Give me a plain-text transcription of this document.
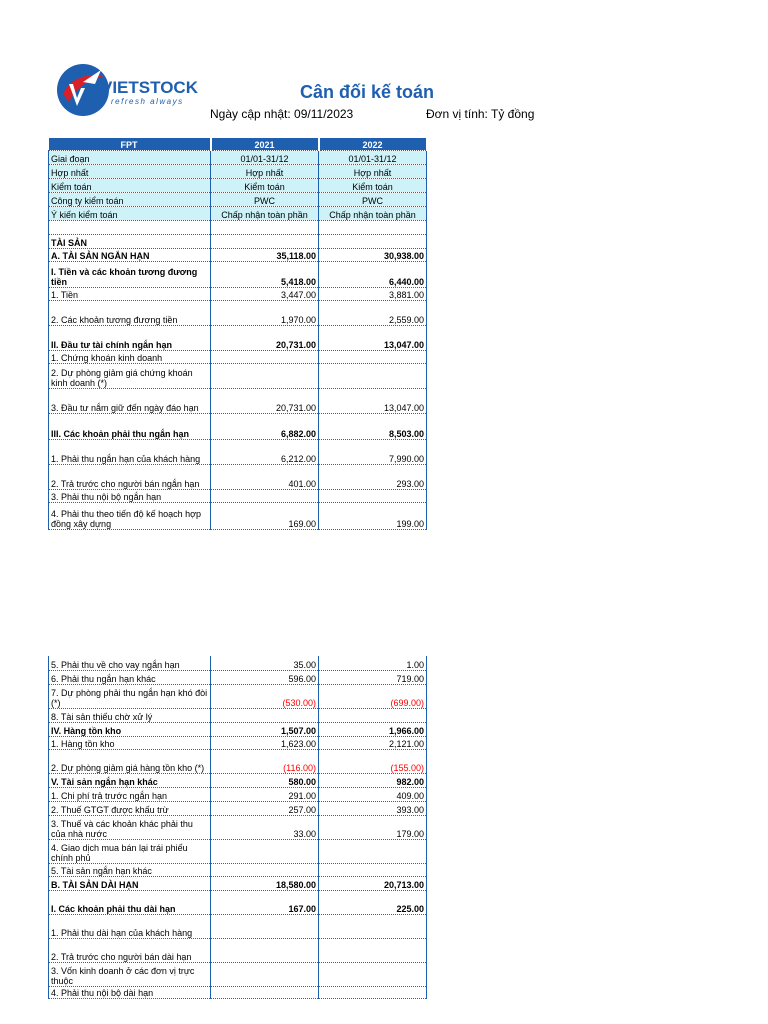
VIETSTOCK
refresh always	Cân đối kế toán
Ngày cập nhật: 09/11/2023	Đơn vị tính: Tỷ đồng
FPT	2021	2022
Giai đoạn	01/01-31/12	01/01-31/12
Hợp nhất	Hợp nhất	Hợp nhất
Kiểm toán	Kiểm toán	Kiểm toán
Công ty kiểm toán	PWC	PWC
Ý kiến kiểm toán	Chấp nhận toàn phần	Chấp nhận toàn phần

TÀI SẢN		
A. TÀI SẢN NGẮN HẠN	35,118.00	30,938.00
I. Tiền và các khoản tương đương tiền	5,418.00	6,440.00
1. Tiền	3,447.00	3,881.00
2. Các khoản tương đương tiền	1,970.00	2,559.00
II. Đầu tư tài chính ngắn hạn	20,731.00	13,047.00
1. Chứng khoán kinh doanh		
2. Dự phòng giảm giá chứng khoán kinh doanh (*)		
3. Đầu tư nắm giữ đến ngày đáo hạn	20,731.00	13,047.00
III. Các khoản phải thu ngắn hạn	6,882.00	8,503.00
1. Phải thu ngắn hạn của khách hàng	6,212.00	7,990.00
2. Trả trước cho người bán ngắn hạn	401.00	293.00
3. Phải thu nội bộ ngắn hạn		
4. Phải thu theo tiến độ kế hoạch hợp đồng xây dựng	169.00	199.00
5. Phải thu về cho vay ngắn hạn	35.00	1.00
6. Phải thu ngắn hạn khác	596.00	719.00
7. Dự phòng phải thu ngắn hạn khó đòi (*)	(530.00)	(699.00)
8. Tài sản thiếu chờ xử lý		
IV. Hàng tồn kho	1,507.00	1,966.00
1. Hàng tồn kho	1,623.00	2,121.00
2. Dự phòng giảm giá hàng tồn kho (*)	(116.00)	(155.00)
V. Tài sản ngắn hạn khác	580.00	982.00
1. Chi phí trả trước ngắn hạn	291.00	409.00
2. Thuế GTGT được khấu trừ	257.00	393.00
3. Thuế và các khoản khác phải thu của nhà nước	33.00	179.00
4. Giao dịch mua bán lại trái phiếu chính phủ		
5. Tài sản ngắn hạn khác		
B. TÀI SẢN DÀI HẠN	18,580.00	20,713.00
I. Các khoản phải thu dài hạn	167.00	225.00
1. Phải thu dài hạn của khách hàng		
2. Trả trước cho người bán dài hạn		
3. Vốn kinh doanh ở các đơn vị trực thuộc		
4. Phải thu nội bộ dài hạn		
